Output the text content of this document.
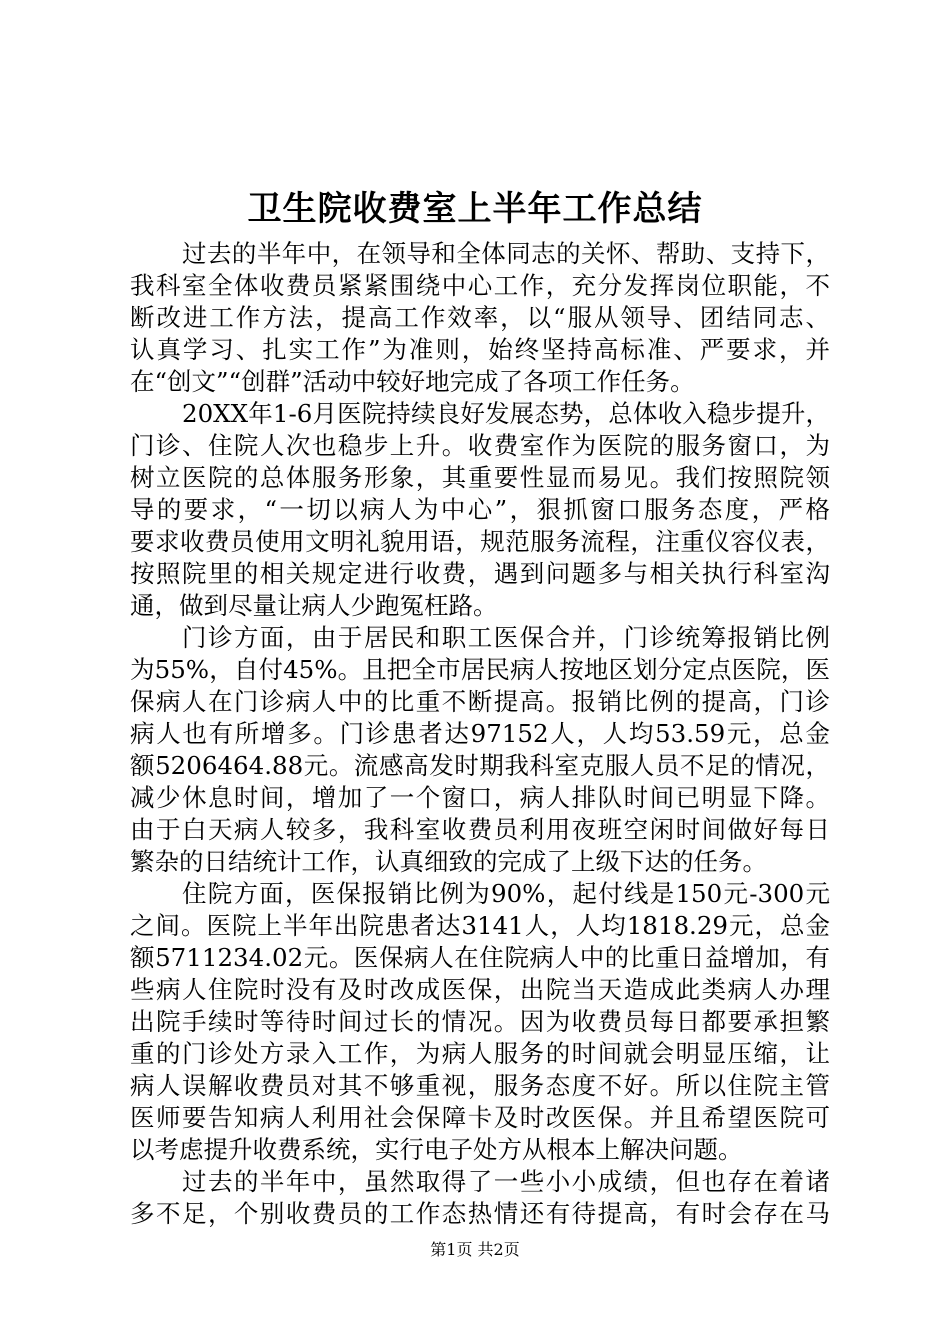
卫生院收费室上半年工作总结
过去的半年中，在领导和全体同志的关怀、帮助、支持下，
我科室全体收费员紧紧围绕中心工作，充分发挥岗位职能，不
断改进工作方法，提高工作效率，以“服从领导、团结同志、
认真学习、扎实工作”为准则，始终坚持高标准、严要求，并
在“创文”“创群”活动中较好地完成了各项工作任务。
20XX年1-6月医院持续良好发展态势，总体收入稳步提升，
门诊、住院人次也稳步上升。收费室作为医院的服务窗口，为
树立医院的总体服务形象，其重要性显而易见。我们按照院领
导的要求，“一切以病人为中心”，狠抓窗口服务态度，严格
要求收费员使用文明礼貌用语，规范服务流程，注重仪容仪表，
按照院里的相关规定进行收费，遇到问题多与相关执行科室沟
通，做到尽量让病人少跑冤枉路。
门诊方面，由于居民和职工医保合并，门诊统筹报销比例
为55%，自付45%。且把全市居民病人按地区划分定点医院，医
保病人在门诊病人中的比重不断提高。报销比例的提高，门诊
病人也有所增多。门诊患者达97152人，人均53.59元，总金
额5206464.88元。流感高发时期我科室克服人员不足的情况，
减少休息时间，增加了一个窗口，病人排队时间已明显下降。
由于白天病人较多，我科室收费员利用夜班空闲时间做好每日
繁杂的日结统计工作，认真细致的完成了上级下达的任务。
住院方面，医保报销比例为90%，起付线是150元-300元
之间。医院上半年出院患者达3141人，人均1818.29元，总金
额5711234.02元。医保病人在住院病人中的比重日益增加，有
些病人住院时没有及时改成医保，出院当天造成此类病人办理
出院手续时等待时间过长的情况。因为收费员每日都要承担繁
重的门诊处方录入工作，为病人服务的时间就会明显压缩，让
病人误解收费员对其不够重视，服务态度不好。所以住院主管
医师要告知病人利用社会保障卡及时改医保。并且希望医院可
以考虑提升收费系统，实行电子处方从根本上解决问题。
过去的半年中，虽然取得了一些小小成绩，但也存在着诸
多不足，个别收费员的工作态热情还有待提高，有时会存在马
第1页 共2页
